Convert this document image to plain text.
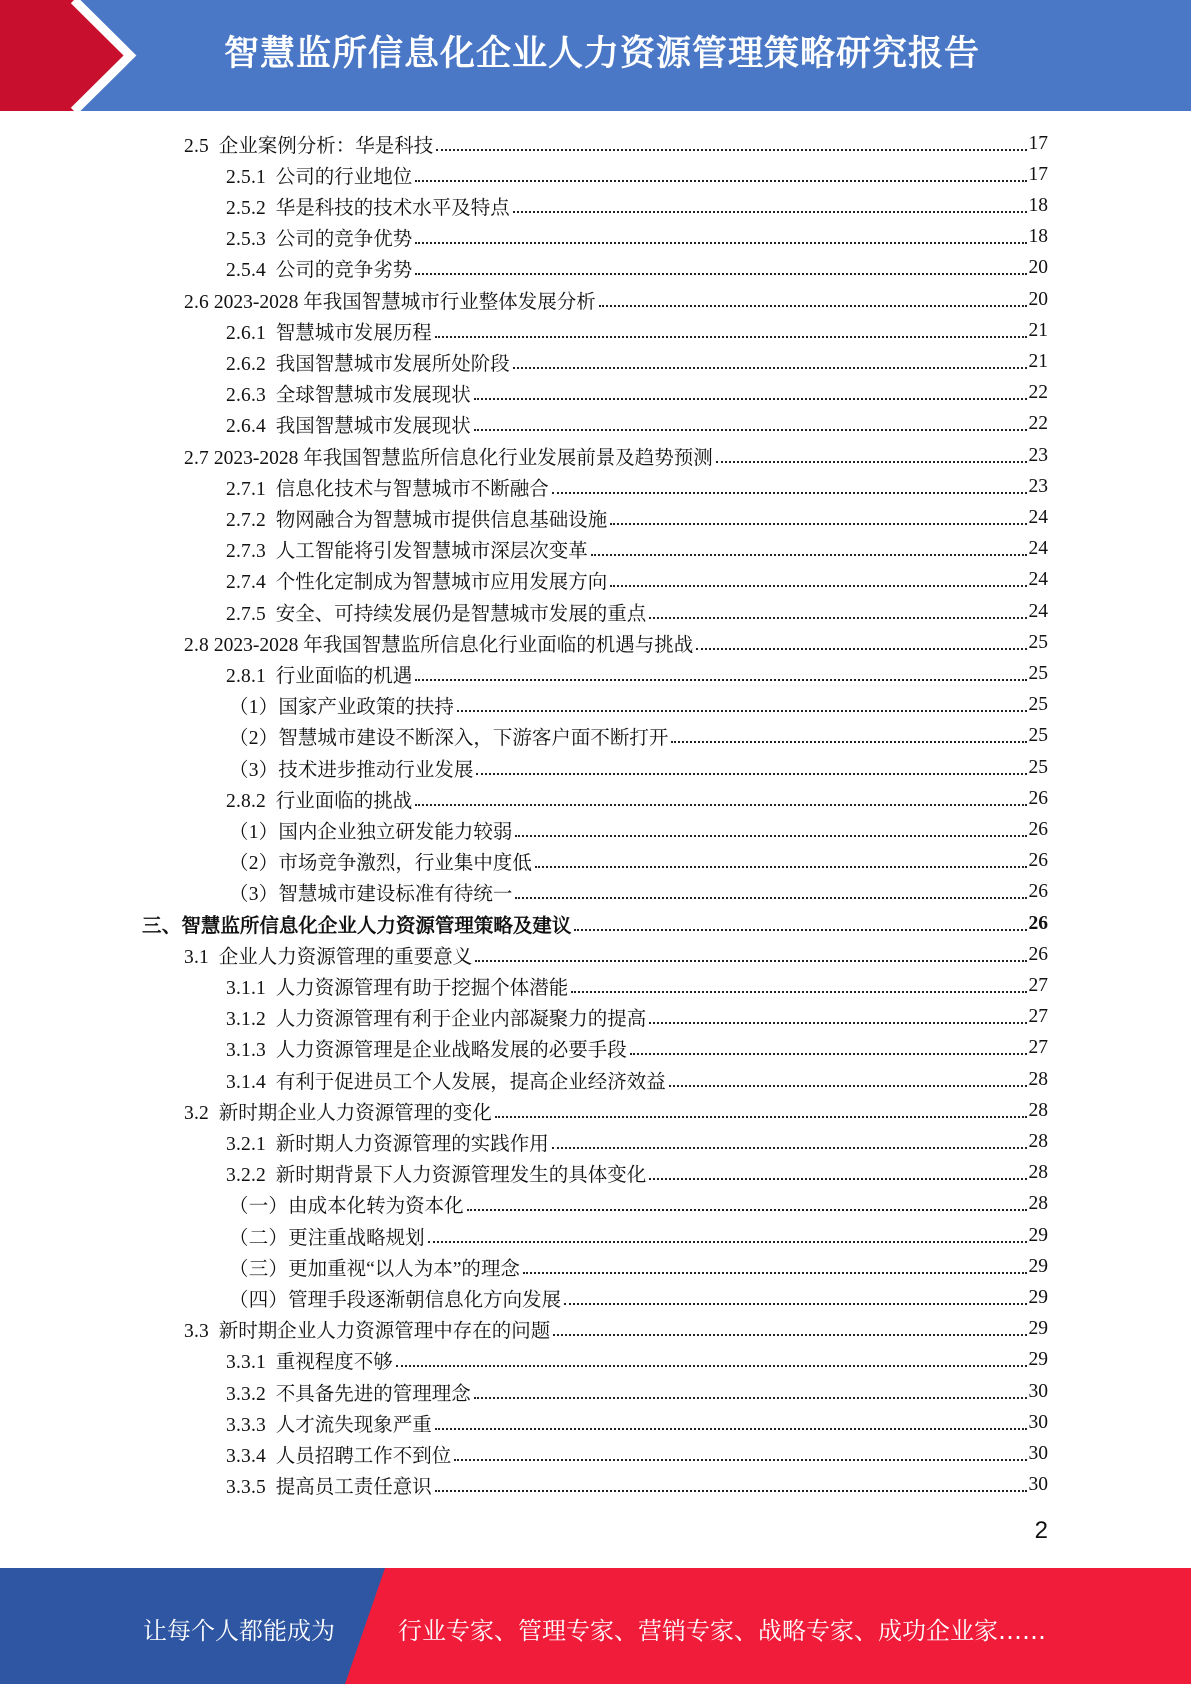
智慧监所信息化企业人力资源管理策略研究报告
2.5 企业案例分析：华是科技	17
2.5.1 公司的行业地位	17
2.5.2 华是科技的技术水平及特点	18
2.5.3 公司的竞争优势	18
2.5.4 公司的竞争劣势	20
2.6 2023-2028 年我国智慧城市行业整体发展分析	20
2.6.1 智慧城市发展历程	21
2.6.2 我国智慧城市发展所处阶段	21
2.6.3 全球智慧城市发展现状	22
2.6.4 我国智慧城市发展现状	22
2.7 2023-2028 年我国智慧监所信息化行业发展前景及趋势预测	23
2.7.1 信息化技术与智慧城市不断融合	23
2.7.2 物网融合为智慧城市提供信息基础设施	24
2.7.3 人工智能将引发智慧城市深层次变革	24
2.7.4 个性化定制成为智慧城市应用发展方向	24
2.7.5 安全、可持续发展仍是智慧城市发展的重点	24
2.8 2023-2028 年我国智慧监所信息化行业面临的机遇与挑战	25
2.8.1 行业面临的机遇	25
（1）国家产业政策的扶持	25
（2）智慧城市建设不断深入，下游客户面不断打开	25
（3）技术进步推动行业发展	25
2.8.2 行业面临的挑战	26
（1）国内企业独立研发能力较弱	26
（2）市场竞争激烈，行业集中度低	26
（3）智慧城市建设标准有待统一	26
三、智慧监所信息化企业人力资源管理策略及建议	26
3.1 企业人力资源管理的重要意义	26
3.1.1 人力资源管理有助于挖掘个体潜能	27
3.1.2 人力资源管理有利于企业内部凝聚力的提高	27
3.1.3 人力资源管理是企业战略发展的必要手段	27
3.1.4 有利于促进员工个人发展，提高企业经济效益	28
3.2 新时期企业人力资源管理的变化	28
3.2.1 新时期人力资源管理的实践作用	28
3.2.2 新时期背景下人力资源管理发生的具体变化	28
（一）由成本化转为资本化	28
（二）更注重战略规划	29
（三）更加重视“以人为本”的理念	29
（四）管理手段逐渐朝信息化方向发展	29
3.3 新时期企业人力资源管理中存在的问题	29
3.3.1 重视程度不够	29
3.3.2 不具备先进的管理理念	30
3.3.3 人才流失现象严重	30
3.3.4 人员招聘工作不到位	30
3.3.5 提高员工责任意识	30
2
让每个人都能成为	行业专家、管理专家、营销专家、战略专家、成功企业家……
